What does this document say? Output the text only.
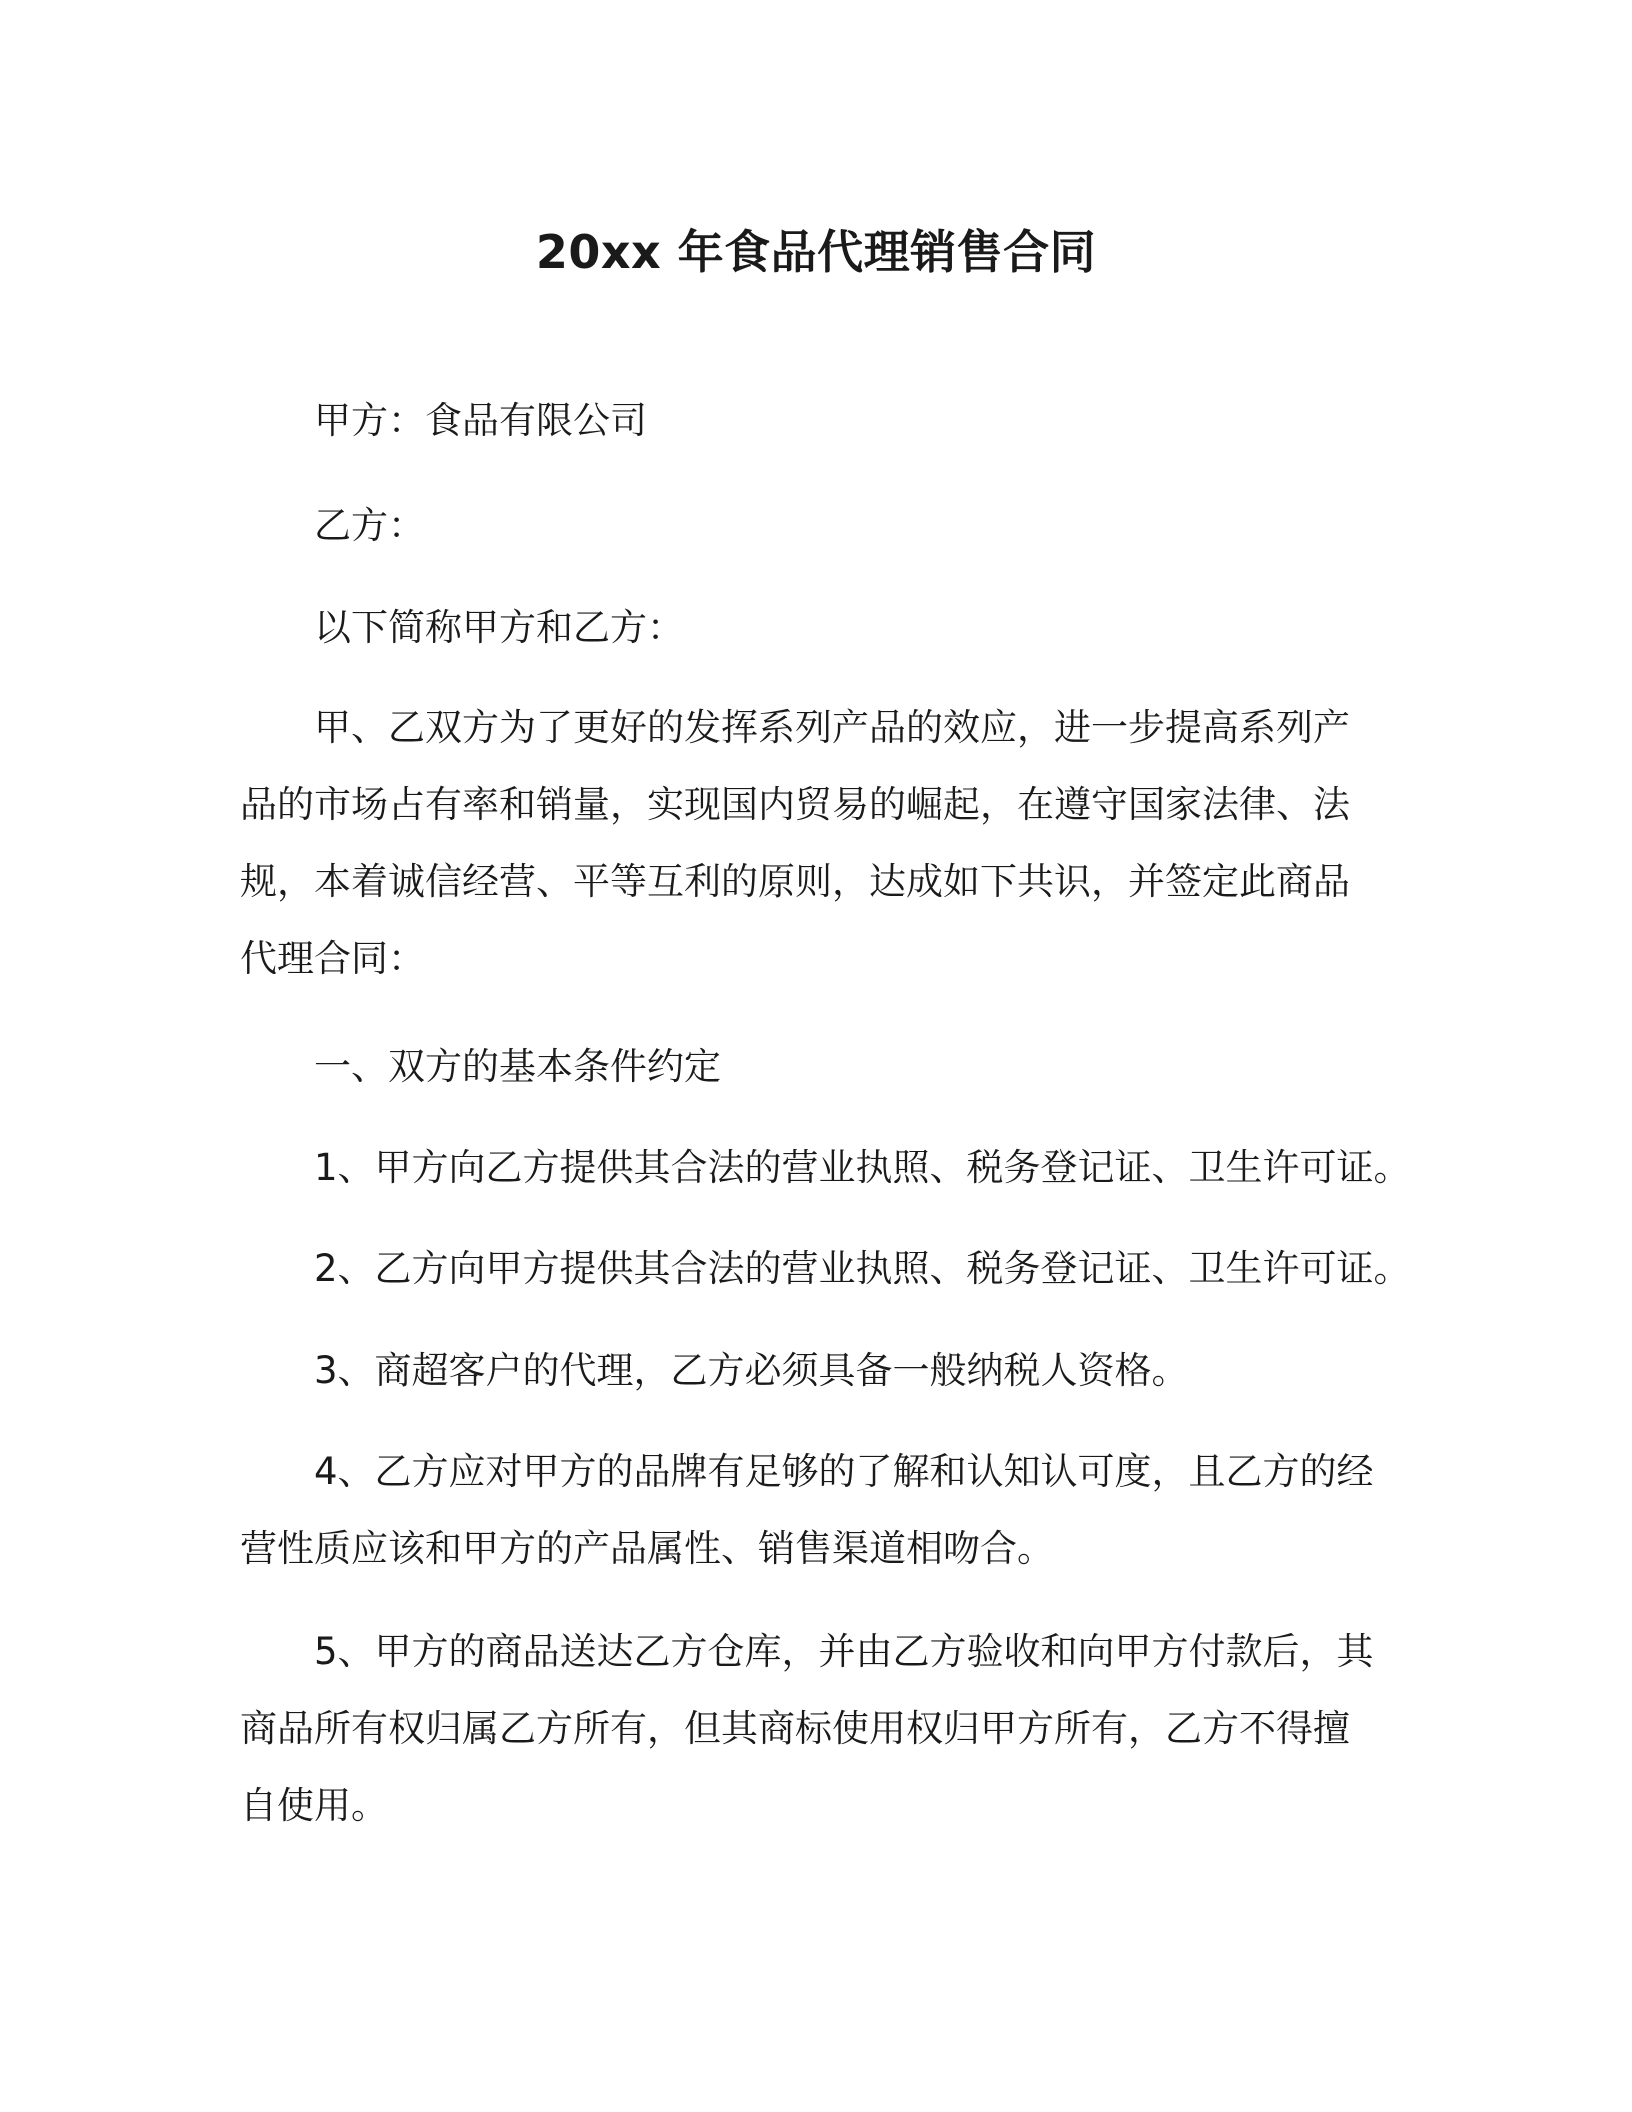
20xx 年食品代理销售合同

甲方：食品有限公司

乙方：

以下简称甲方和乙方：

甲、乙双方为了更好的发挥系列产品的效应，进一步提高系列产
品的市场占有率和销量，实现国内贸易的崛起，在遵守国家法律、法
规，本着诚信经营、平等互利的原则，达成如下共识，并签定此商品
代理合同：

一、双方的基本条件约定

1、甲方向乙方提供其合法的营业执照、税务登记证、卫生许可证。

2、乙方向甲方提供其合法的营业执照、税务登记证、卫生许可证。

3、商超客户的代理，乙方必须具备一般纳税人资格。

4、乙方应对甲方的品牌有足够的了解和认知认可度，且乙方的经
营性质应该和甲方的产品属性、销售渠道相吻合。
5、甲方的商品送达乙方仓库，并由乙方验收和向甲方付款后，其
商品所有权归属乙方所有，但其商标使用权归甲方所有，乙方不得擅
自使用。
